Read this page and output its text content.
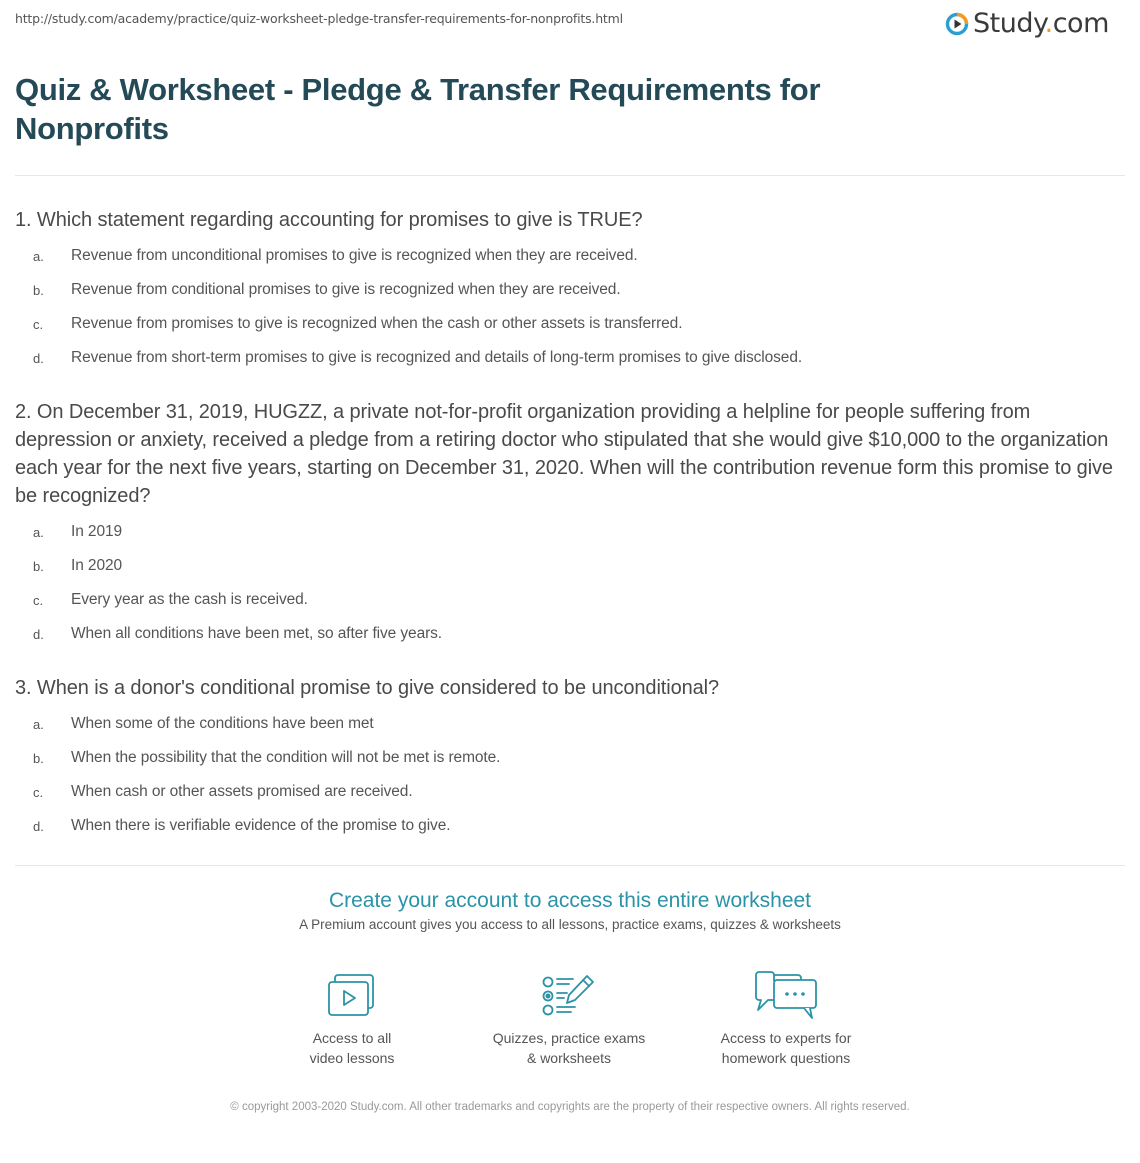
http://study.com/academy/practice/quiz-worksheet-pledge-transfer-requirements-for-nonprofits.html	Study.com
Quiz & Worksheet - Pledge & Transfer Requirements for Nonprofits
1. Which statement regarding accounting for promises to give is TRUE?
a.	Revenue from unconditional promises to give is recognized when they are received.
b.	Revenue from conditional promises to give is recognized when they are received.
c.	Revenue from promises to give is recognized when the cash or other assets is transferred.
d.	Revenue from short-term promises to give is recognized and details of long-term promises to give disclosed.
2. On December 31, 2019, HUGZZ, a private not-for-profit organization providing a helpline for people suffering from depression or anxiety, received a pledge from a retiring doctor who stipulated that she would give $10,000 to the organization each year for the next five years, starting on December 31, 2020. When will the contribution revenue form this promise to give be recognized?
a.	In 2019
b.	In 2020
c.	Every year as the cash is received.
d.	When all conditions have been met, so after five years.
3. When is a donor's conditional promise to give considered to be unconditional?
a.	When some of the conditions have been met
b.	When the possibility that the condition will not be met is remote.
c.	When cash or other assets promised are received.
d.	When there is verifiable evidence of the promise to give.
Create your account to access this entire worksheet
A Premium account gives you access to all lessons, practice exams, quizzes & worksheets
Access to all
video lessons
Quizzes, practice exams
& worksheets
Access to experts for
homework questions
© copyright 2003-2020 Study.com. All other trademarks and copyrights are the property of their respective owners. All rights reserved.
